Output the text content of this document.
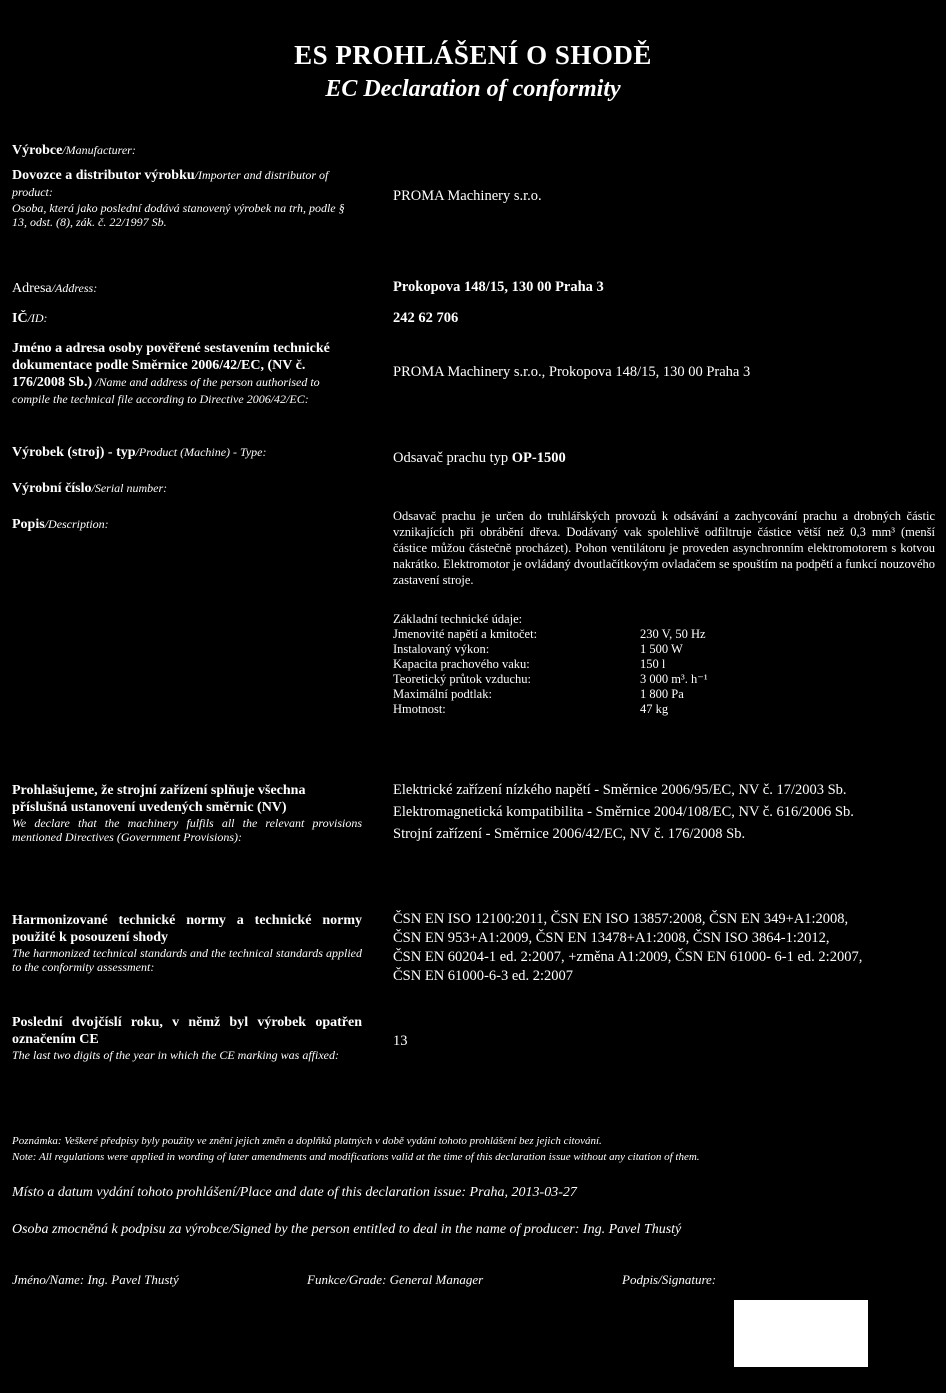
ES PROHLÁŠENÍ O SHODĚ
EC Declaration of conformity
Výrobce/Manufacturer:
Dovozce a distributor výrobku/Importer and distributor of product:
Osoba, která jako poslední dodává stanovený výrobek na trh, podle § 13, odst. (8), zák. č. 22/1997 Sb.
PROMA Machinery s.r.o.
Adresa/Address:	Prokopova 148/15, 130 00 Praha 3
IČ/ID:	242 62 706
Jméno a adresa osoby pověřené sestavením technické dokumentace podle Směrnice 2006/42/EC, (NV č. 176/2008 Sb.) /Name and address of the person authorised to compile the technical file according to Directive 2006/42/EC:
PROMA Machinery s.r.o., Prokopova 148/15, 130 00 Praha 3
Výrobek (stroj) - typ/Product (Machine) - Type:	Odsavač prachu typ OP-1500
Výrobní číslo/Serial number:
Popis/Description:
Odsavač prachu je určen do truhlářských provozů k odsávání a zachycování prachu a drobných částic vznikajících při obrábění dřeva. Dodávaný vak spolehlivě odfiltruje částice větší než 0,3 mm³ (menší částice můžou částečně procházet). Pohon ventilátoru je proveden asynchronním elektromotorem s kotvou nakrátko. Elektromotor je ovládaný dvoutlačítkovým ovladačem se spouštím na podpětí a funkcí nouzového zastavení stroje.
Základní technické údaje:
Jmenovité napětí a kmitočet:	230 V, 50 Hz
Instalovaný výkon:	1 500 W
Kapacita prachového vaku:	150 l
Teoretický průtok vzduchu:	3 000 m³. h⁻¹
Maximální podtlak:	1 800 Pa
Hmotnost:	47 kg
Prohlašujeme, že strojní zařízení splňuje všechna příslušná ustanovení uvedených směrnic (NV)
We declare that the machinery fulfils all the relevant provisions mentioned Directives (Government Provisions):
Elektrické zařízení nízkého napětí - Směrnice 2006/95/EC, NV č. 17/2003 Sb.
Elektromagnetická kompatibilita - Směrnice 2004/108/EC, NV č. 616/2006 Sb.
Strojní zařízení - Směrnice 2006/42/EC, NV č. 176/2008 Sb.
Harmonizované technické normy a technické normy použité k posouzení shody
The harmonized technical standards and the technical standards applied to the conformity assessment:
ČSN EN ISO 12100:2011, ČSN EN ISO 13857:2008, ČSN EN 349+A1:2008,
ČSN EN 953+A1:2009, ČSN EN 13478+A1:2008, ČSN ISO 3864-1:2012,
ČSN EN 60204-1 ed. 2:2007, +změna A1:2009, ČSN EN 61000- 6-1 ed. 2:2007,
ČSN EN 61000-6-3 ed. 2:2007
Poslední dvojčíslí roku, v němž byl výrobek opatřen označením CE
The last two digits of the year in which the CE marking was affixed:
13
Poznámka: Veškeré předpisy byly použity ve znění jejich změn a doplňků platných v době vydání tohoto prohlášení bez jejich citování.
Note: All regulations were applied in wording of later amendments and modifications valid at the time of this declaration issue without any citation of them.
Místo a datum vydání tohoto prohlášení/Place and date of this declaration issue: Praha, 2013-03-27
Osoba zmocněná k podpisu za výrobce/Signed by the person entitled to deal in the name of producer: Ing. Pavel Thustý
Jméno/Name: Ing. Pavel Thustý	Funkce/Grade: General Manager	Podpis/Signature:
